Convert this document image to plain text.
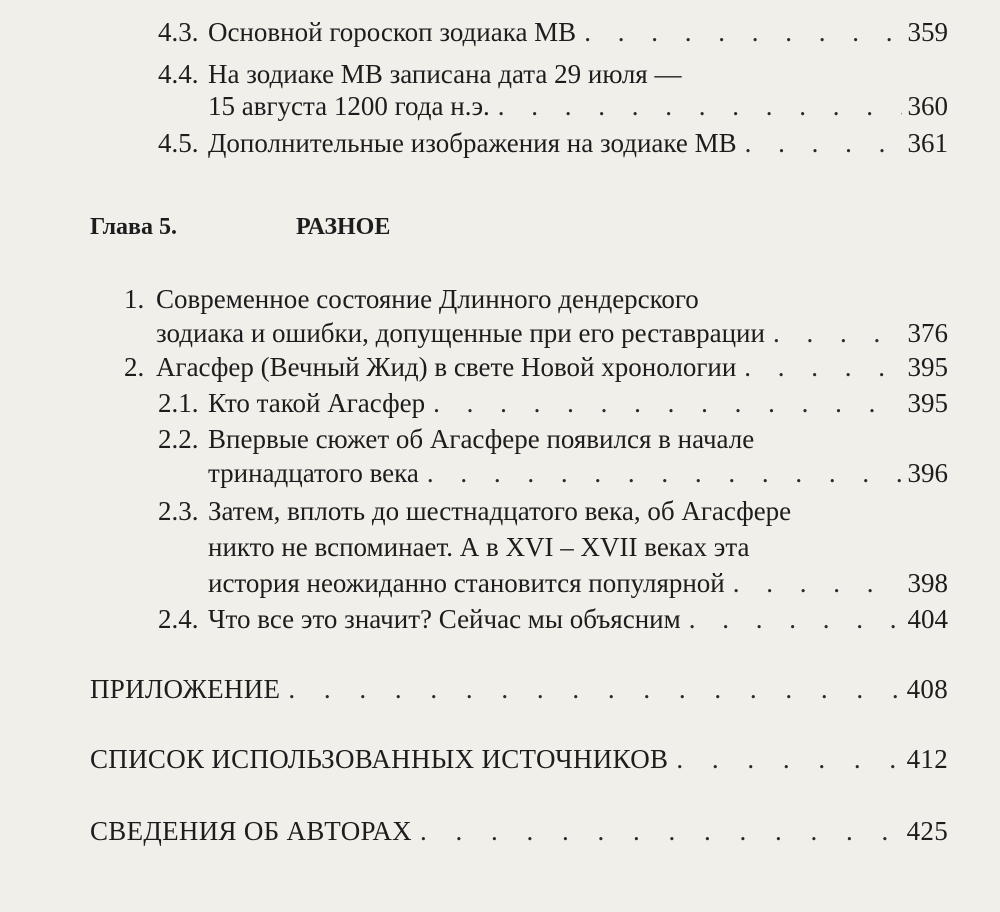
4.3. Основной гороскоп зодиака МВ . . .	359
4.4. На зодиаке МВ записана дата 29 июля —
15 августа 1200 года н.э. . . .	360
4.5. Дополнительные изображения на зодиаке МВ . . .	361
Глава 5.	РАЗНОЕ
1. Современное состояние Длинного дендерского
зодиака и ошибки, допущенные при его реставрации . . .	376
2. Агасфер (Вечный Жид) в свете Новой хронологии . . .	395
2.1. Кто такой Агасфер . . .	395
2.2. Впервые сюжет об Агасфере появился в начале
тринадцатого века . . .	396
2.3. Затем, вплоть до шестнадцатого века, об Агасфере
никто не вспоминает. А в XVI – XVII веках эта
история неожиданно становится популярной . . .	398
2.4. Что все это значит? Сейчас мы объясним . . .	404
ПРИЛОЖЕНИЕ . . .	408
СПИСОК ИСПОЛЬЗОВАННЫХ ИСТОЧНИКОВ . . .	412
СВЕДЕНИЯ ОБ АВТОРАХ . . .	425
